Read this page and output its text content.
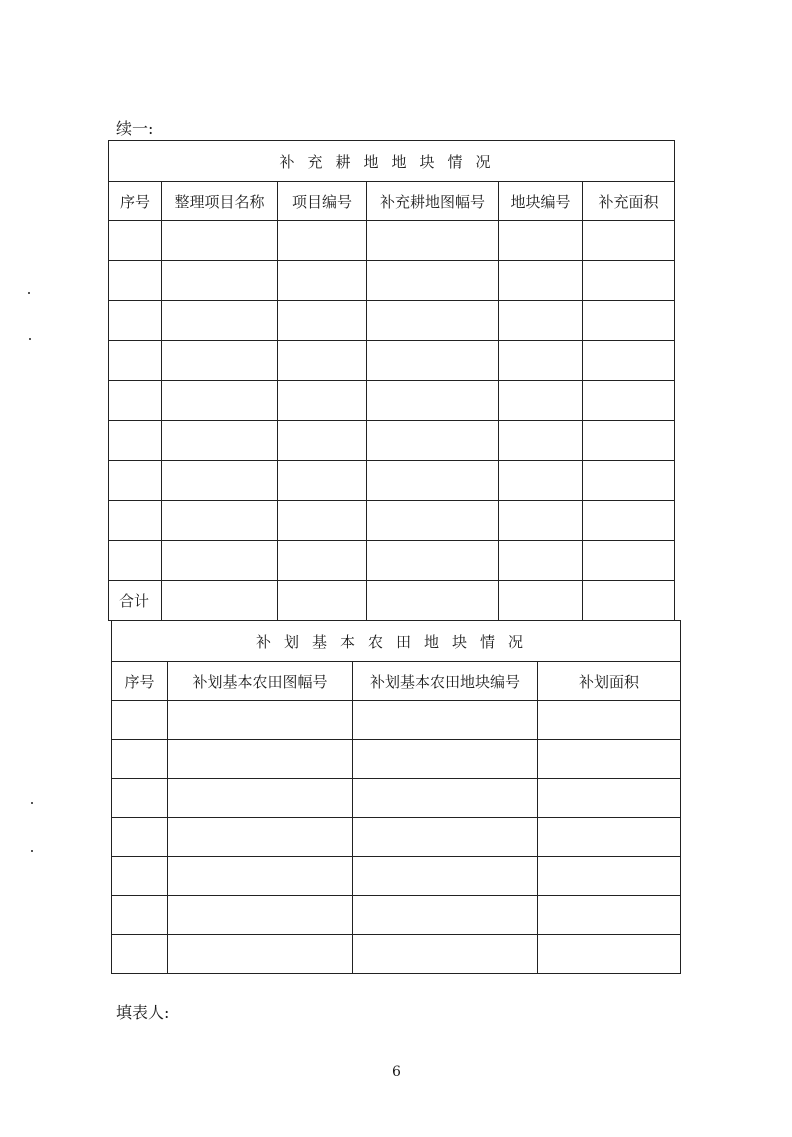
续一:
补充耕地地块情况					
序号	整理项目名称	项目编号	补充耕地图幅号	地块编号	补充面积

合计					
补划基本农田地块情况			
序号	补划基本农田图幅号	补划基本农田地块编号	补划面积

填表人:
6
